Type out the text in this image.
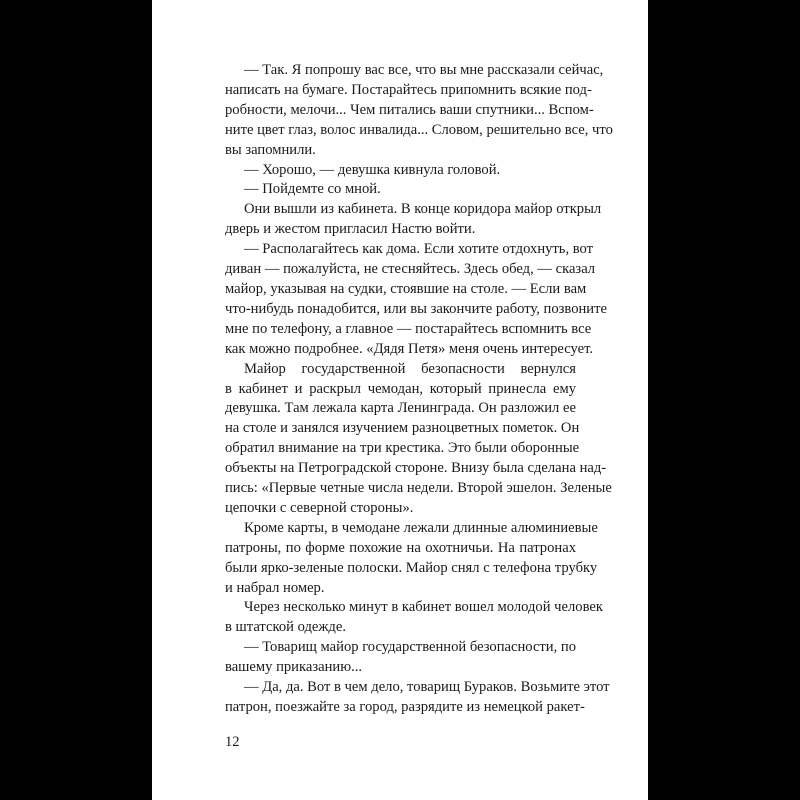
— Так. Я попрошу вас все, что вы мне рассказали сейчас,
написать на бумаге. Постарайтесь припомнить всякие под-
робности, мелочи... Чем питались ваши спутники... Вспом-
ните цвет глаз, волос инвалида... Словом, решительно все, что
вы запомнили.

— Хорошо, — девушка кивнула головой.

— Пойдемте со мной.

Они вышли из кабинета. В конце коридора майор открыл
дверь и жестом пригласил Настю войти.

— Располагайтесь как дома. Если хотите отдохнуть, вот
диван — пожалуйста, не стесняйтесь. Здесь обед, — сказал
майор, указывая на судки, стоявшие на столе. — Если вам
что-нибудь понадобится, или вы закончите работу, позвоните
мне по телефону, а главное — постарайтесь вспомнить все
как можно подробнее. «Дядя Петя» меня очень интересует.

Майор государственной безопасности вернулся
в кабинет и раскрыл чемодан, который принесла ему
девушка. Там лежала карта Ленинграда. Он разложил ее
на столе и занялся изучением разноцветных пометок. Он
обратил внимание на три крестика. Это были оборонные
объекты на Петроградской стороне. Внизу была сделана над-
пись: «Первые четные числа недели. Второй эшелон. Зеленые
цепочки с северной стороны».

Кроме карты, в чемодане лежали длинные алюминиевые
патроны, по форме похожие на охотничьи. На патронах
были ярко-зеленые полоски. Майор снял с телефона трубку
и набрал номер.

Через несколько минут в кабинет вошел молодой человек
в штатской одежде.

— Товарищ майор государственной безопасности, по
вашему приказанию...

— Да, да. Вот в чем дело, товарищ Бураков. Возьмите этот
патрон, поезжайте за город, разрядите из немецкой ракет-

12
